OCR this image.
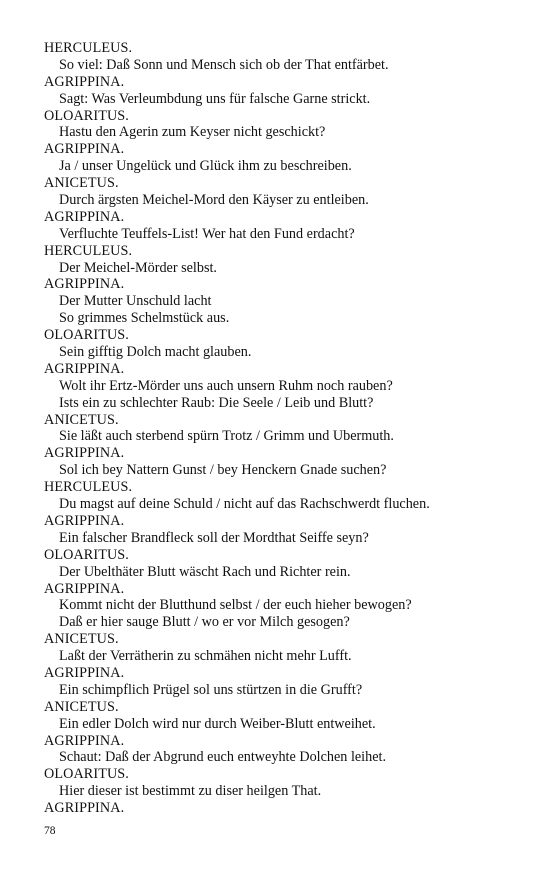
HERCULEUS.
So viel: Daß Sonn und Mensch sich ob der That entfärbet.
AGRIPPINA.
Sagt: Was Verleumbdung uns für falsche Garne strickt.
OLOARITUS.
Hastu den Agerin zum Keyser nicht geschickt?
AGRIPPINA.
Ja / unser Ungelück und Glück ihm zu beschreiben.
ANICETUS.
Durch ärgsten Meichel-Mord den Käyser zu entleiben.
AGRIPPINA.
Verfluchte Teuffels-List! Wer hat den Fund erdacht?
HERCULEUS.
Der Meichel-Mörder selbst.
AGRIPPINA.
Der Mutter Unschuld lacht
So grimmes Schelmstück aus.
OLOARITUS.
Sein gifftig Dolch macht glauben.
AGRIPPINA.
Wolt ihr Ertz-Mörder uns auch unsern Ruhm noch rauben?
Ists ein zu schlechter Raub: Die Seele / Leib und Blutt?
ANICETUS.
Sie läßt auch sterbend spürn Trotz / Grimm und Ubermuth.
AGRIPPINA.
Sol ich bey Nattern Gunst / bey Henckern Gnade suchen?
HERCULEUS.
Du magst auf deine Schuld / nicht auf das Rachschwerdt fluchen.
AGRIPPINA.
Ein falscher Brandfleck soll der Mordthat Seiffe seyn?
OLOARITUS.
Der Ubelthäter Blutt wäscht Rach und Richter rein.
AGRIPPINA.
Kommt nicht der Blutthund selbst / der euch hieher bewogen?
Daß er hier sauge Blutt / wo er vor Milch gesogen?
ANICETUS.
Laßt der Verrätherin zu schmähen nicht mehr Lufft.
AGRIPPINA.
Ein schimpflich Prügel sol uns stürtzen in die Grufft?
ANICETUS.
Ein edler Dolch wird nur durch Weiber-Blutt entweihet.
AGRIPPINA.
Schaut: Daß der Abgrund euch entweyhte Dolchen leihet.
OLOARITUS.
Hier dieser ist bestimmt zu diser heilgen That.
AGRIPPINA.
78
